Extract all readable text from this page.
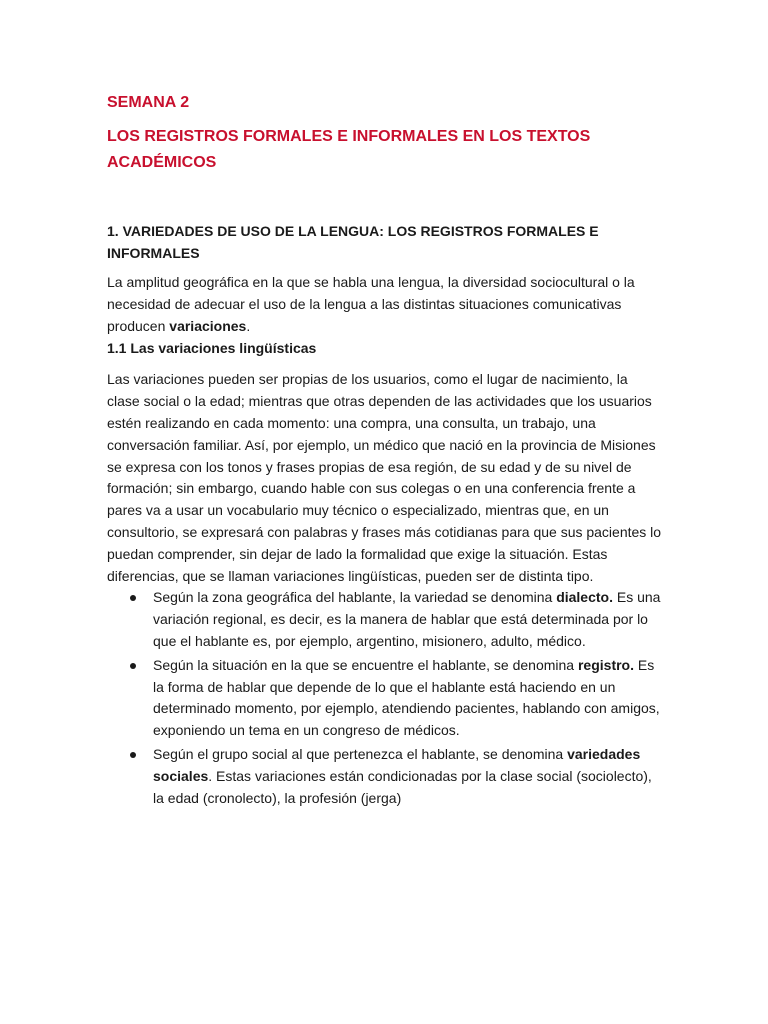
SEMANA 2
LOS REGISTROS FORMALES E INFORMALES EN LOS TEXTOS ACADÉMICOS
1. VARIEDADES DE USO DE LA LENGUA: LOS REGISTROS FORMALES E INFORMALES

La amplitud geográfica en la que se habla una lengua, la diversidad sociocultural o la necesidad de adecuar el uso de la lengua a las distintas situaciones comunicativas producen variaciones.

1.1 Las variaciones lingüísticas

Las variaciones pueden ser propias de los usuarios, como el lugar de nacimiento, la clase social o la edad; mientras que otras dependen de las actividades que los usuarios estén realizando en cada momento: una compra, una consulta, un trabajo, una conversación familiar. Así, por ejemplo, un médico que nació en la provincia de Misiones se expresa con los tonos y frases propias de esa región, de su edad y de su nivel de formación; sin embargo, cuando hable con sus colegas o en una conferencia frente a pares va a usar un vocabulario muy técnico o especializado, mientras que, en un consultorio, se expresará con palabras y frases más cotidianas para que sus pacientes lo puedan comprender, sin dejar de lado la formalidad que exige la situación. Estas diferencias, que se llaman variaciones lingüísticas, pueden ser de distinta tipo.

Según la zona geográfica del hablante, la variedad se denomina dialecto. Es una variación regional, es decir, es la manera de hablar que está determinada por lo que el hablante es, por ejemplo, argentino, misionero, adulto, médico.
Según la situación en la que se encuentre el hablante, se denomina registro. Es la forma de hablar que depende de lo que el hablante está haciendo en un determinado momento, por ejemplo, atendiendo pacientes, hablando con amigos, exponiendo un tema en un congreso de médicos.
Según el grupo social al que pertenezca el hablante, se denomina variedades sociales. Estas variaciones están condicionadas por la clase social (sociolecto), la edad (cronolecto), la profesión (jerga)
